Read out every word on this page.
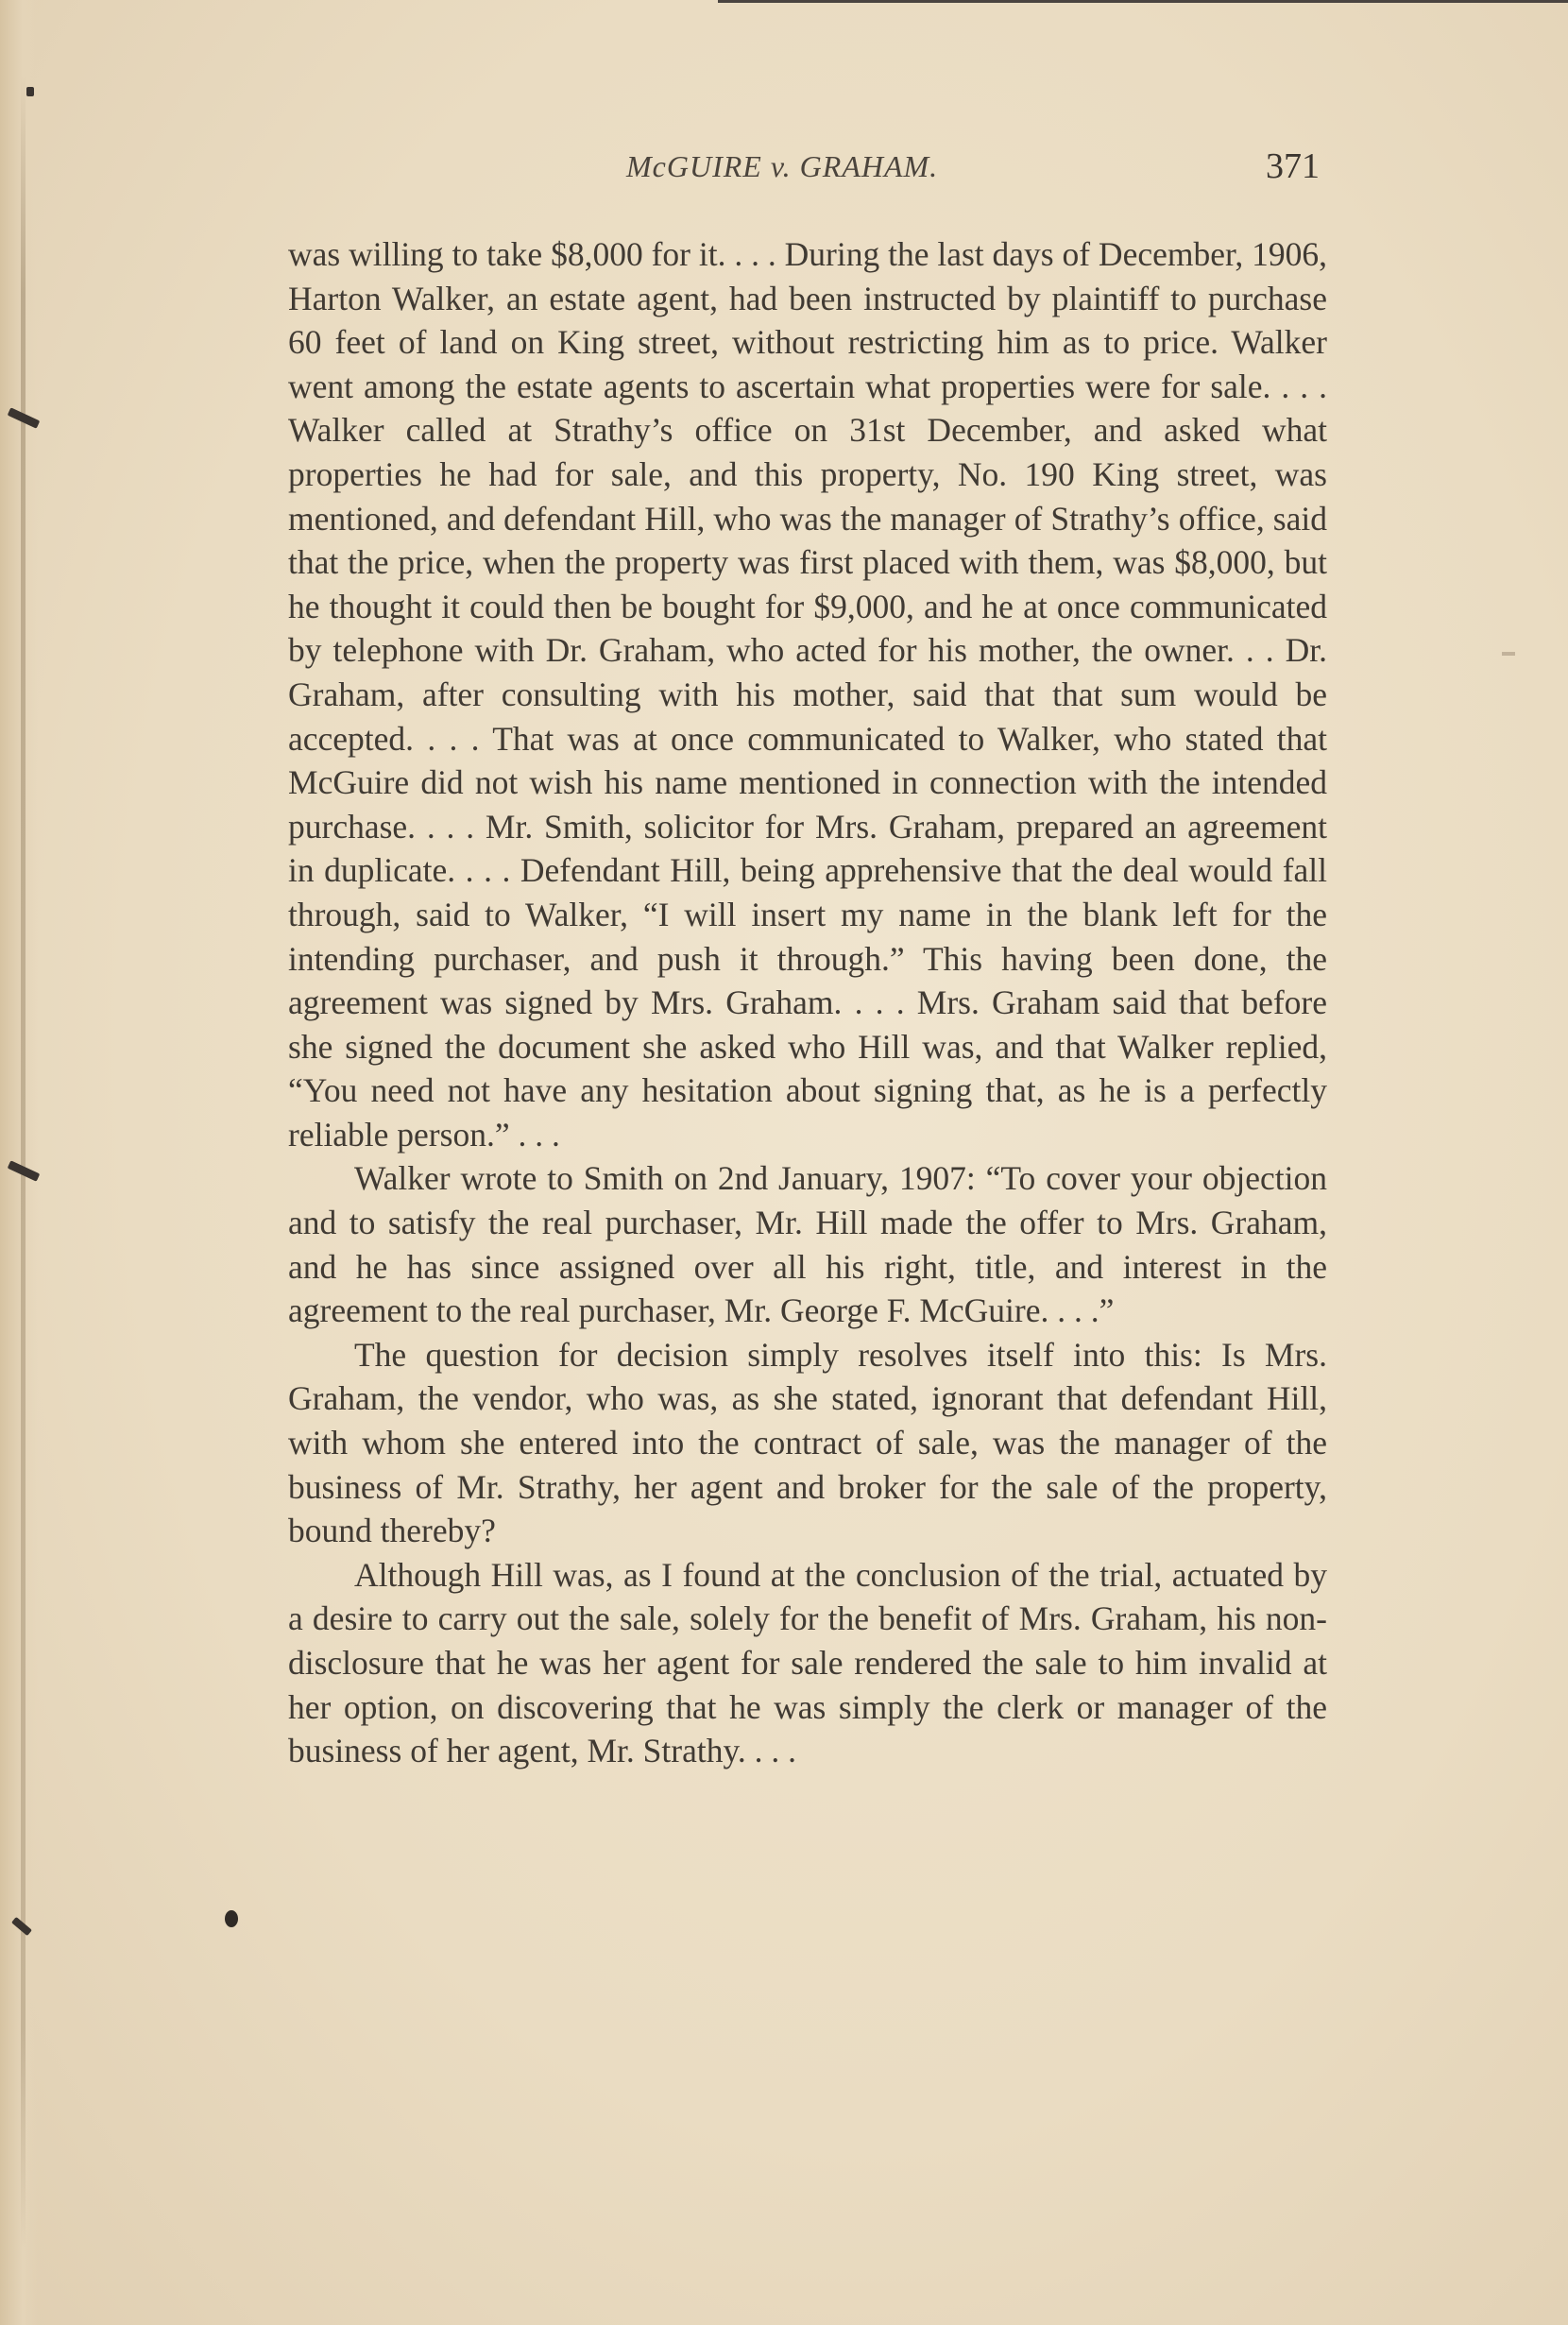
McGUIRE v. GRAHAM.	371

was willing to take $8,000 for it. . . . During the last days of December, 1906, Harton Walker, an estate agent, had been instructed by plaintiff to purchase 60 feet of land on King street, without restricting him as to price. Walker went among the estate agents to ascertain what properties were for sale. . . . Walker called at Strathy’s office on 31st December, and asked what properties he had for sale, and this property, No. 190 King street, was mentioned, and defendant Hill, who was the manager of Strathy’s office, said that the price, when the property was first placed with them, was $8,000, but he thought it could then be bought for $9,000, and he at once communicated by telephone with Dr. Graham, who acted for his mother, the owner. . . Dr. Graham, after consulting with his mother, said that that sum would be accepted. . . . That was at once communicated to Walker, who stated that McGuire did not wish his name mentioned in connection with the intended purchase. . . . Mr. Smith, solicitor for Mrs. Graham, prepared an agreement in duplicate. . . . Defendant Hill, being apprehensive that the deal would fall through, said to Walker, “I will insert my name in the blank left for the intending purchaser, and push it through.” This having been done, the agreement was signed by Mrs. Graham. . . . Mrs. Graham said that before she signed the document she asked who Hill was, and that Walker replied, “You need not have any hesitation about signing that, as he is a perfectly reliable person.” . . .

Walker wrote to Smith on 2nd January, 1907: “To cover your objection and to satisfy the real purchaser, Mr. Hill made the offer to Mrs. Graham, and he has since assigned over all his right, title, and interest in the agreement to the real purchaser, Mr. George F. McGuire. . . .”

The question for decision simply resolves itself into this: Is Mrs. Graham, the vendor, who was, as she stated, ignorant that defendant Hill, with whom she entered into the contract of sale, was the manager of the business of Mr. Strathy, her agent and broker for the sale of the property, bound thereby?

Although Hill was, as I found at the conclusion of the trial, actuated by a desire to carry out the sale, solely for the benefit of Mrs. Graham, his non-disclosure that he was her agent for sale rendered the sale to him invalid at her option, on discovering that he was simply the clerk or manager of the business of her agent, Mr. Strathy. . . .
